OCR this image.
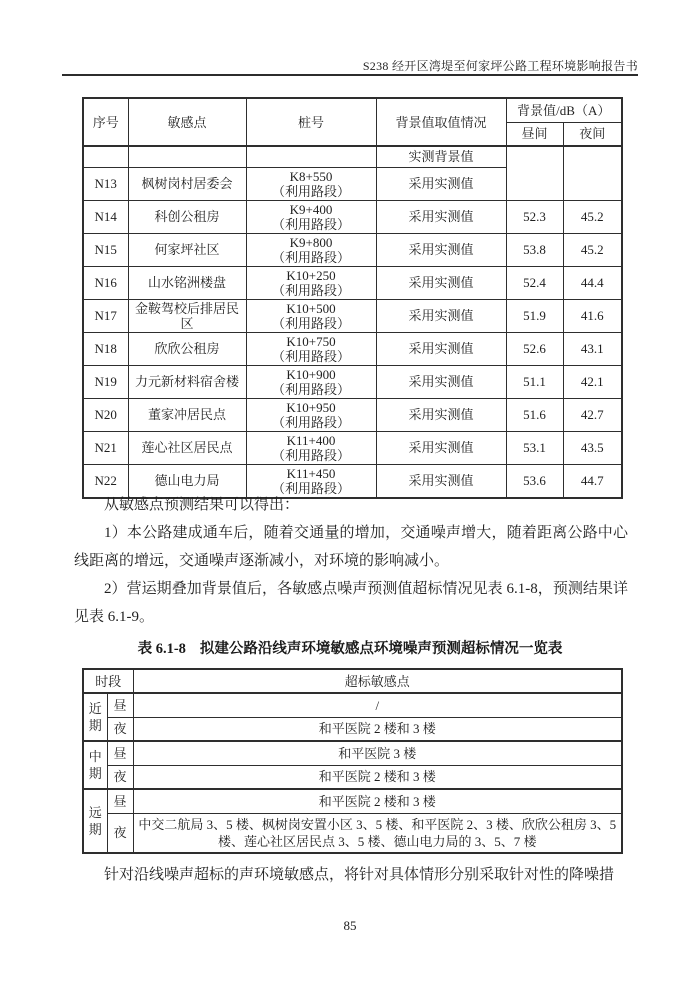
S238 经开区湾堤至何家坪公路工程环境影响报告书
序号	敏感点	桩号	背景值取值情况	背景值/dB（A）	
				昼间	夜间
			实测背景值		
N13	枫树岗村居委会	K8+550
（利用路段）	采用实测值		
N14	科创公租房	K9+400
（利用路段）	采用实测值	52.3	45.2
N15	何家坪社区	K9+800
（利用路段）	采用实测值	53.8	45.2
N16	山水铭洲楼盘	K10+250
（利用路段）	采用实测值	52.4	44.4
N17	金鞍驾校后排居民区	K10+500
（利用路段）	采用实测值	51.9	41.6
N18	欣欣公租房	K10+750
（利用路段）	采用实测值	52.6	43.1
N19	力元新材料宿舍楼	K10+900
（利用路段）	采用实测值	51.1	42.1
N20	董家冲居民点	K10+950
（利用路段）	采用实测值	51.6	42.7
N21	莲心社区居民点	K11+400
（利用路段）	采用实测值	53.1	43.5
N22	德山电力局	K11+450
（利用路段）	采用实测值	53.6	44.7

从敏感点预测结果可以得出：

1）本公路建成通车后，随着交通量的增加，交通噪声增大，随着距离公路中心线距离的增远，交通噪声逐渐减小，对环境的影响减小。

2）营运期叠加背景值后，各敏感点噪声预测值超标情况见表 6.1-8，预测结果详见表 6.1-9。

表 6.1-8 拟建公路沿线声环境敏感点环境噪声预测超标情况一览表
时段		超标敏感点
近期	昼	/
	夜	和平医院 2 楼和 3 楼
中期	昼	和平医院 3 楼
	夜	和平医院 2 楼和 3 楼
远期	昼	和平医院 2 楼和 3 楼
	夜	中交二航局 3、5 楼、枫树岗安置小区 3、5 楼、和平医院 2、3 楼、欣欣公租房 3、5 楼、莲心社区居民点 3、5 楼、德山电力局的 3、5、7 楼

针对沿线噪声超标的声环境敏感点，将针对具体情形分别采取针对性的降噪措

85
